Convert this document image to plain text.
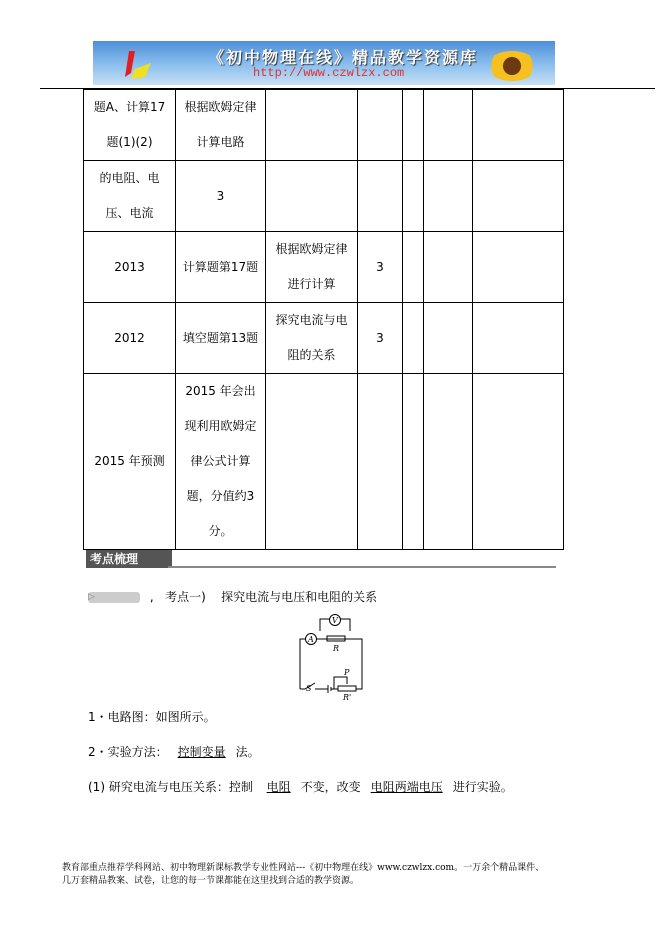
《初中物理在线》精品教学资源库
http://www.czwlzx.com
题A、计算17题(1)(2)	根据欧姆定律计算电路					
的电阻、电压、电流	3					
2013	计算题第17题	根据欧姆定律进行计算	3			
2012	填空题第13题	探究电流与电阻的关系	3			
2015 年预测	2015 年会出现利用欧姆定律公式计算题，分值约3分。					
考点梳理
▷	, 考点一) 探究电流与电压和电阻的关系
A
V
R
S
P
R'
1・电路图：如图所示。
2・实验方法： 控制变量 法。
(1) 研究电流与电压关系：控制 电阻 不变，改变 电阻两端电压 进行实验。
教育部重点推荐学科网站、初中物理新课标教学专业性网站---《初中物理在线》www.czwlzx.com。一万余个精品课件、
几万套精品教案、试卷，让您的每一节课都能在这里找到合适的教学资源。
